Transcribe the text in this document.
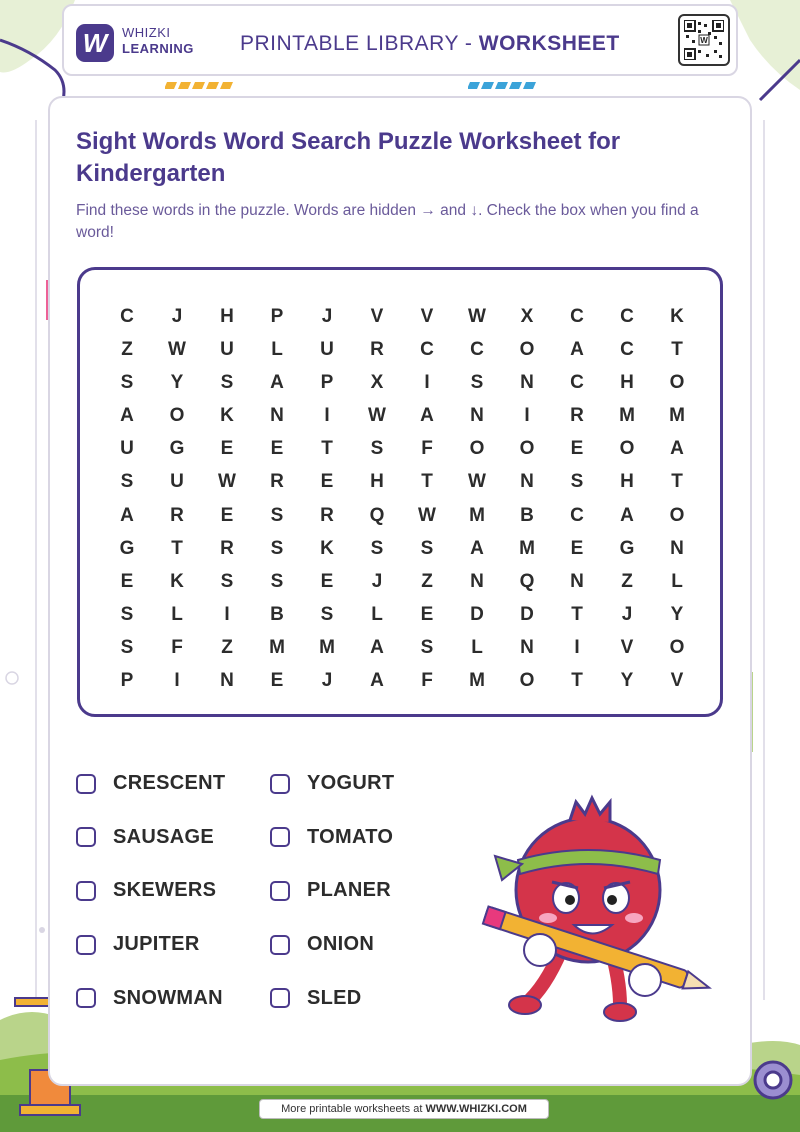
W	WHIZKI
LEARNING PRINTABLE LIBRARY - WORKSHEET	W
Sight Words Word Search Puzzle Worksheet for Kindergarten

Find these words in the puzzle. Words are hidden → and ↓. Check the box when you find a word!

C	J	H	P	J	V	V	W	X	C	C	K
Z	W	U	L	U	R	C	C	O	A	C	T
S	Y	S	A	P	X	I	S	N	C	H	O
A	O	K	N	I	W	A	N	I	R	M	M
U	G	E	E	T	S	F	O	O	E	O	A
S	U	W	R	E	H	T	W	N	S	H	T
A	R	E	S	R	Q	W	M	B	C	A	O
G	T	R	S	K	S	S	A	M	E	G	N
E	K	S	S	E	J	Z	N	Q	N	Z	L
S	L	I	B	S	L	E	D	D	T	J	Y
S	F	Z	M	M	A	S	L	N	I	V	O
P	I	N	E	J	A	F	M	O	T	Y	V
CRESCENT
SAUSAGE
SKEWERS
JUPITER
SNOWMAN
YOGURT
TOMATO
PLANER
ONION
SLED
More printable worksheets at WWW.WHIZKI.COM
